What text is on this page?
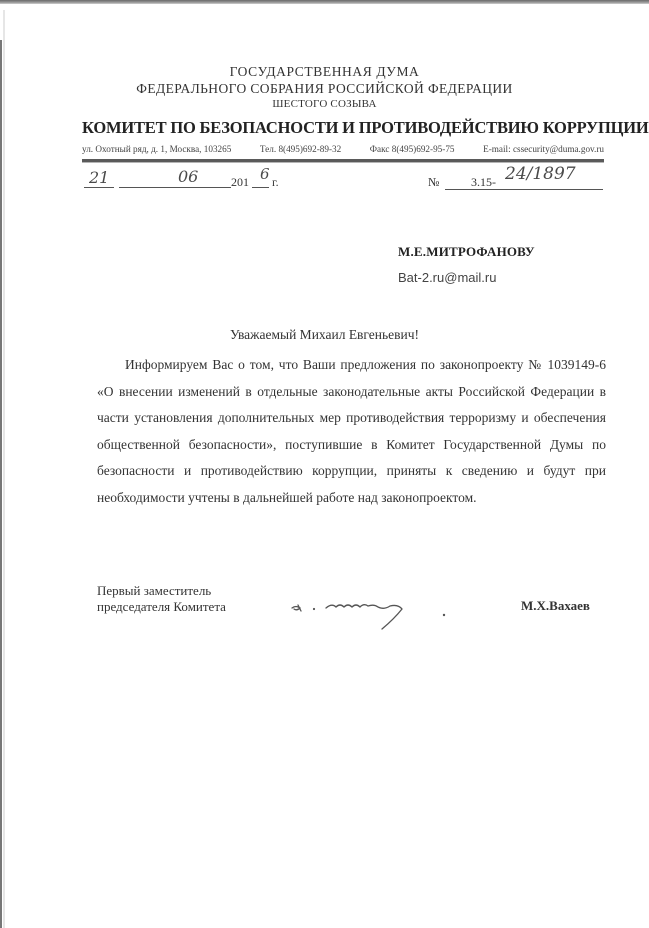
ГОСУДАРСТВЕННАЯ ДУМА
ФЕДЕРАЛЬНОГО СОБРАНИЯ РОССИЙСКОЙ ФЕДЕРАЦИИ
ШЕСТОГО СОЗЫВА
КОМИТЕТ ПО БЕЗОПАСНОСТИ И ПРОТИВОДЕЙСТВИЮ КОРРУПЦИИ
ул. Охотный ряд, д. 1, Москва, 103265	Тел. 8(495)692-89-32	Факс 8(495)692-95-75	E-mail: cssecurity@duma.gov.ru
21	06	201 6 г.	№	3.15- 24/1897
М.Е.МИТРОФАНОВУ
Bat-2.ru@mail.ru
Уважаемый Михаил Евгеньевич!
Информируем Вас о том, что Ваши предложения по законопроекту № 1039149-6 «О внесении изменений в отдельные законодательные акты Российской Федерации в части установления дополнительных мер противодействия терроризму и обеспечения общественной безопасности», поступившие в Комитет Государственной Думы по безопасности и противодействию коррупции, приняты к сведению и будут при необходимости учтены в дальнейшей работе над законопроектом.
Первый заместитель
председателя Комитета	М.Х.Вахаев
